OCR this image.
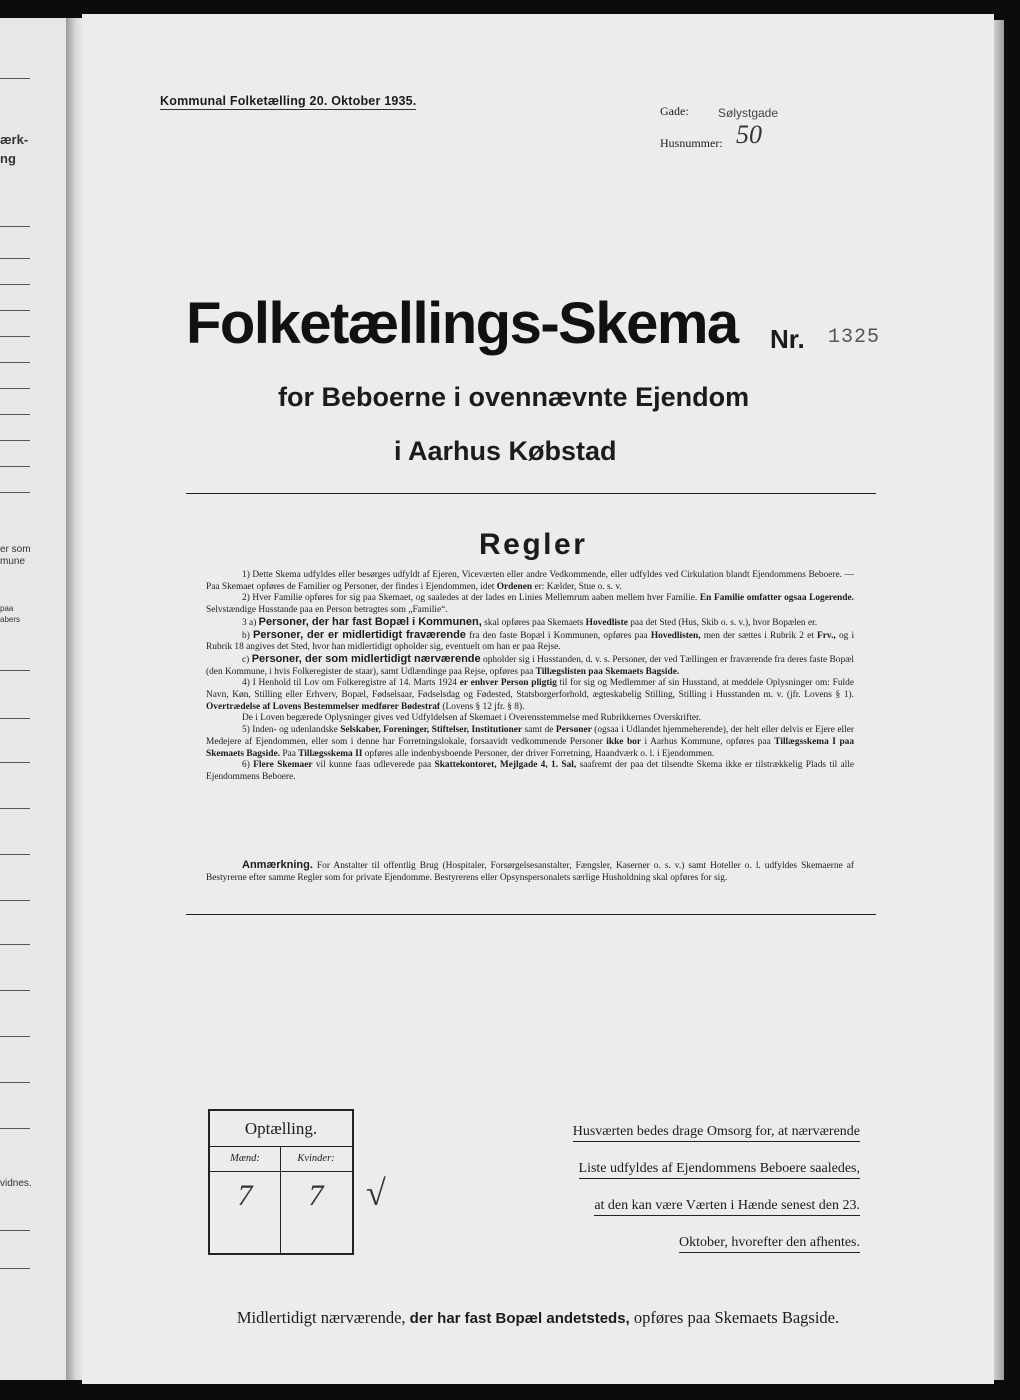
ærk-
ng
er som
mune
paa
abers
vidnes.
Kommunal Folketælling 20. Oktober 1935.
Gade: Sølystgade
Husnummer: 50
Folketællings-Skema Nr. 1325
for Beboerne i ovennævnte Ejendom
i Aarhus Købstad
Regler

1) Dette Skema udfyldes eller besørges udfyldt af Ejeren, Viceværten eller andre Vedkommende, eller udfyldes ved Cirkulation blandt Ejendommens Beboere. — Paa Skemaet opføres de Familier og Personer, der findes i Ejendommen, idet Ordenen er: Kælder, Stue o. s. v.

2) Hver Familie opføres for sig paa Skemaet, og saaledes at der lades en Linies Mellemrum aaben mellem hver Familie. En Familie omfatter ogsaa Logerende. Selvstændige Husstande paa en Person betragtes som „Familie“.

3 a) Personer, der har fast Bopæl i Kommunen, skal opføres paa Skemaets Hovedliste paa det Sted (Hus, Skib o. s. v.), hvor Bopælen er.

b) Personer, der er midlertidigt fraværende fra den faste Bopæl i Kommunen, opføres paa Hovedlisten, men der sættes i Rubrik 2 et Frv., og i Rubrik 18 angives det Sted, hvor han midlertidigt opholder sig, eventuelt om han er paa Rejse.

c) Personer, der som midlertidigt nærværende opholder sig i Husstanden, d. v. s. Personer, der ved Tællingen er fraværende fra deres faste Bopæl (den Kommune, i hvis Folkeregister de staar), samt Udlændinge paa Rejse, opføres paa Tillægslisten paa Skemaets Bagside.

4) I Henhold til Lov om Folkeregistre af 14. Marts 1924 er enhver Person pligtig til for sig og Medlemmer af sin Husstand, at meddele Oplysninger om: Fulde Navn, Køn, Stilling eller Erhverv, Bopæl, Fødselsaar, Fødselsdag og Fødested, Statsborgerforhold, ægteskabelig Stilling, Stilling i Husstanden m. v. (jfr. Lovens § 1). Overtrædelse af Lovens Bestemmelser medfører Bødestraf (Lovens § 12 jfr. § 8).

De i Loven begærede Oplysninger gives ved Udfyldelsen af Skemaet i Overensstemmelse med Rubrikkernes Overskrifter.

5) Inden- og udenlandske Selskaber, Foreninger, Stiftelser, Institutioner samt de Personer (ogsaa i Udlandet hjemmeherende), der helt eller delvis er Ejere eller Medejere af Ejendommen, eller som i denne har Forretningslokale, forsaavidt vedkommende Personer ikke bor i Aarhus Kommune, opføres paa Tillægsskema I paa Skemaets Bagside. Paa Tillægsskema II opføres alle indenbysboende Personer, der driver Forretning, Haandværk o. l. i Ejendommen.

6) Flere Skemaer vil kunne faas udleverede paa Skattekontoret, Mejlgade 4, 1. Sal, saafremt der paa det tilsendte Skema ikke er tilstrækkelig Plads til alle Ejendommens Beboere.

Anmærkning. For Anstalter til offentlig Brug (Hospitaler, Forsørgelsesanstalter, Fængsler, Kaserner o. s. v.) samt Hoteller o. l. udfyldes Skemaerne af Bestyrerne efter samme Regler som for private Ejendomme. Bestyrerens eller Opsynspersonalets særlige Husholdning skal opføres for sig.

Optælling.
Mænd:	Kvinder:
7	7	√
Husværten bedes drage Omsorg for, at nærværende
Liste udfyldes af Ejendommens Beboere saaledes,
at den kan være Værten i Hænde senest den 23.
Oktober, hvorefter den afhentes.
Midlertidigt nærværende, der har fast Bopæl andetsteds, opføres paa Skemaets Bagside.
